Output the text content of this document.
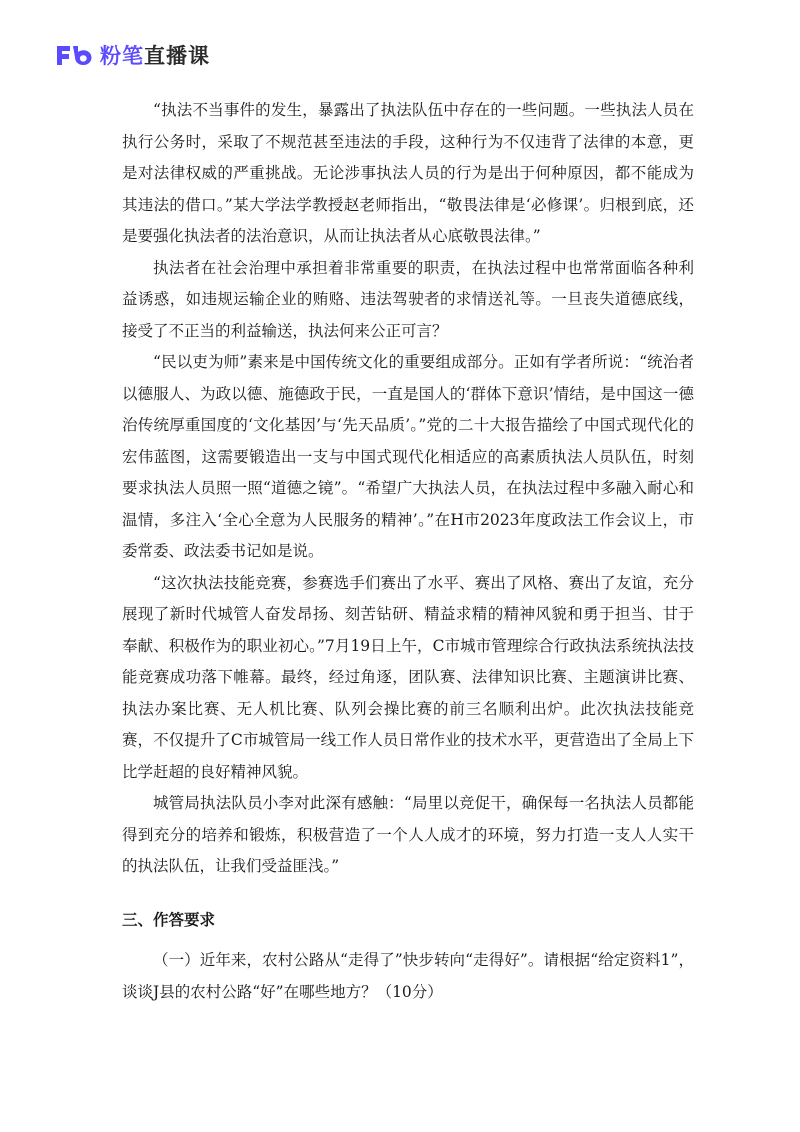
粉笔直播课

“执法不当事件的发生，暴露出了执法队伍中存在的一些问题。一些执法人员在执行公务时，采取了不规范甚至违法的手段，这种行为不仅违背了法律的本意，更是对法律权威的严重挑战。无论涉事执法人员的行为是出于何种原因，都不能成为其违法的借口。”某大学法学教授赵老师指出，“敬畏法律是‘必修课’。归根到底，还是要强化执法者的法治意识，从而让执法者从心底敬畏法律。”

执法者在社会治理中承担着非常重要的职责，在执法过程中也常常面临各种利益诱惑，如违规运输企业的贿赂、违法驾驶者的求情送礼等。一旦丧失道德底线，接受了不正当的利益输送，执法何来公正可言？

“民以吏为师”素来是中国传统文化的重要组成部分。正如有学者所说：“统治者以德服人、为政以德、施德政于民，一直是国人的‘群体下意识’情结，是中国这一德治传统厚重国度的‘文化基因’与‘先天品质’。”党的二十大报告描绘了中国式现代化的宏伟蓝图，这需要锻造出一支与中国式现代化相适应的高素质执法人员队伍，时刻要求执法人员照一照“道德之镜”。“希望广大执法人员，在执法过程中多融入耐心和温情，多注入‘全心全意为人民服务的精神’。”在H市2023年度政法工作会议上，市委常委、政法委书记如是说。

“这次执法技能竞赛，参赛选手们赛出了水平、赛出了风格、赛出了友谊，充分展现了新时代城管人奋发昂扬、刻苦钻研、精益求精的精神风貌和勇于担当、甘于奉献、积极作为的职业初心。”7月19日上午，C市城市管理综合行政执法系统执法技能竞赛成功落下帷幕。最终，经过角逐，团队赛、法律知识比赛、主题演讲比赛、执法办案比赛、无人机比赛、队列会操比赛的前三名顺利出炉。此次执法技能竞赛，不仅提升了C市城管局一线工作人员日常作业的技术水平，更营造出了全局上下比学赶超的良好精神风貌。

城管局执法队员小李对此深有感触：“局里以竞促干，确保每一名执法人员都能得到充分的培养和锻炼，积极营造了一个人人成才的环境，努力打造一支人人实干的执法队伍，让我们受益匪浅。”

三、作答要求

（一）近年来，农村公路从“走得了”快步转向“走得好”。请根据“给定资料1”，谈谈J县的农村公路“好”在哪些地方？（10分）
